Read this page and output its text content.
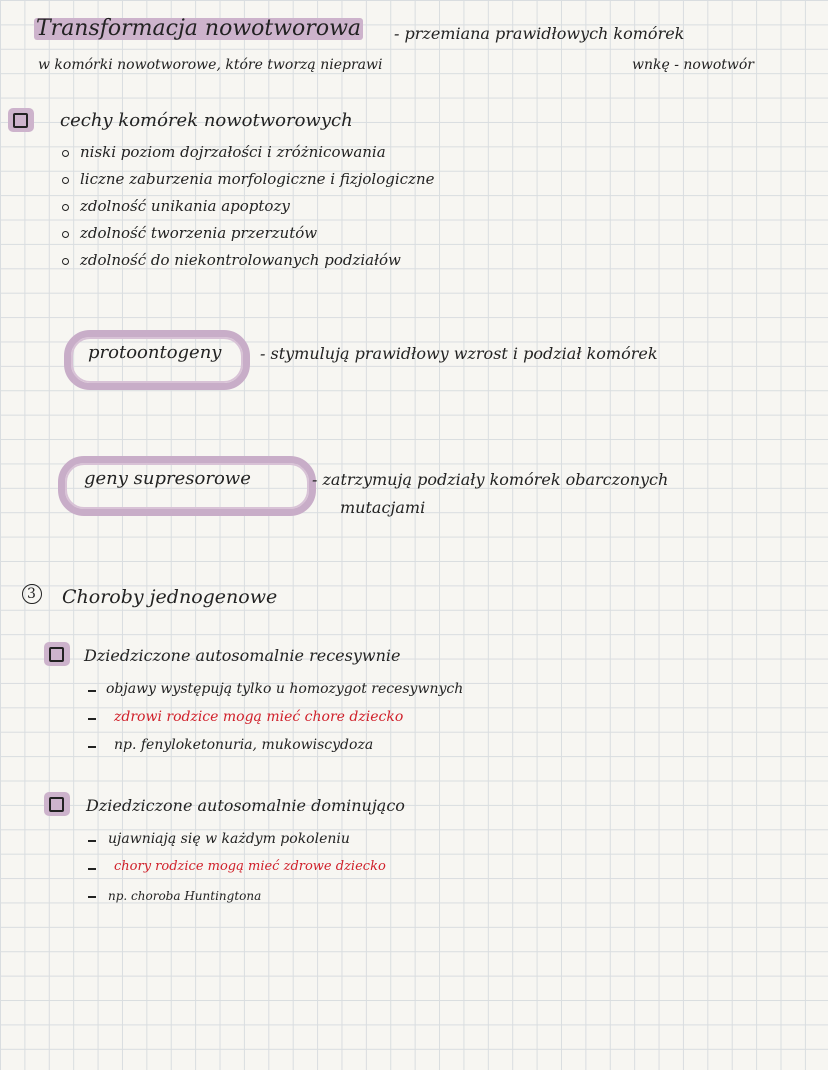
Transformacja nowotworowa - przemiana prawidłowych komórek
w komórki nowotworowe, które tworzą nieprawi	wnkę - nowotwór
cechy komórek nowotworowych
niski poziom dojrzałości i zróżnicowania
liczne zaburzenia morfologiczne i fizjologiczne
zdolność unikania apoptozy
zdolność tworzenia przerzutów
zdolność do niekontrolowanych podziałów
protoontogeny - stymulują prawidłowy wzrost i podział komórek
geny supresorowe	- zatrzymują podziały komórek obarczonych
mutacjami
3 Choroby jednogenowe
Dziedziczone autosomalnie recesywnie
objawy występują tylko u homozygot recesywnych
zdrowi rodzice mogą mieć chore dziecko
np. fenyloketonuria, mukowiscydoza
Dziedziczone autosomalnie dominująco
ujawniają się w każdym pokoleniu
chory rodzice mogą mieć zdrowe dziecko
np. choroba Huntingtona
